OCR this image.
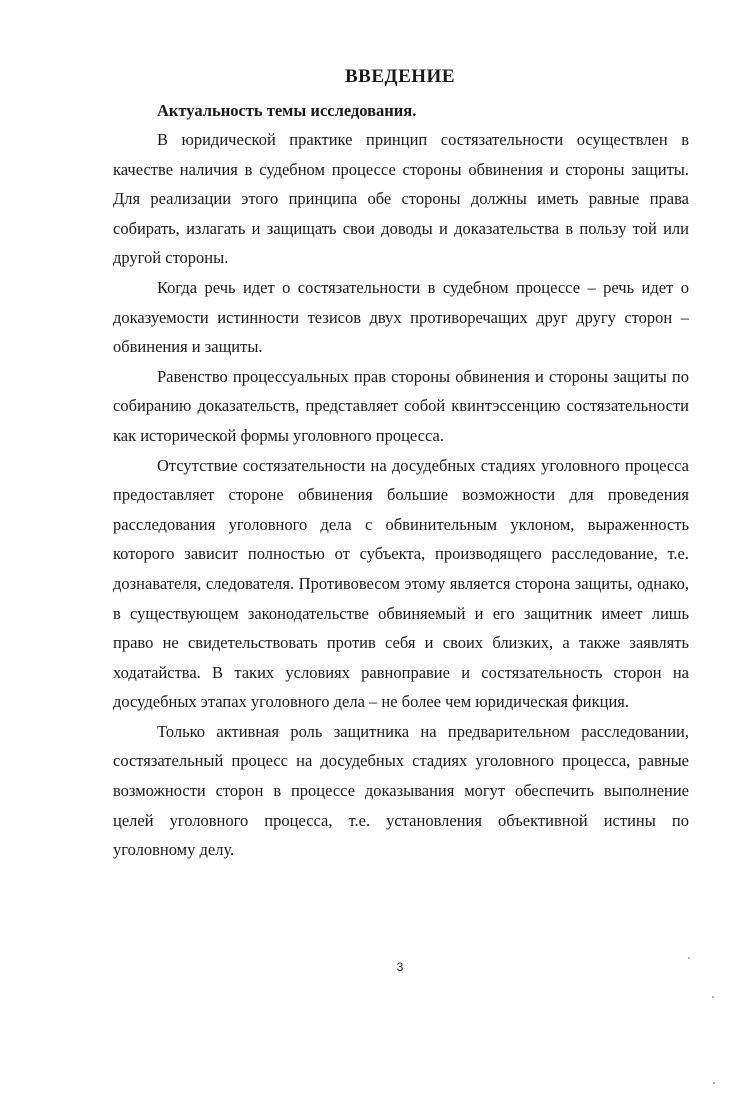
ВВЕДЕНИЕ
Актуальность темы исследования.

В юридической практике принцип состязательности осуществлен в качестве наличия в судебном процессе стороны обвинения и стороны защиты. Для реализации этого принципа обе стороны должны иметь равные права собирать, излагать и защищать свои доводы и доказательства в пользу той или другой стороны.

Когда речь идет о состязательности в судебном процессе – речь идет о доказуемости истинности тезисов двух противоречащих друг другу сторон – обвинения и защиты.

Равенство процессуальных прав стороны обвинения и стороны защиты по собиранию доказательств, представляет собой квинтэссенцию состязательности как исторической формы уголовного процесса.

Отсутствие состязательности на досудебных стадиях уголовного процесса предоставляет стороне обвинения большие возможности для проведения расследования уголовного дела с обвинительным уклоном, выраженность которого зависит полностью от субъекта, производящего расследование, т.е. дознавателя, следователя. Противовесом этому является сторона защиты, однако, в существующем законодательстве обвиняемый и его защитник имеет лишь право не свидетельствовать против себя и своих близких, а также заявлять ходатайства. В таких условиях равноправие и состязательность сторон на досудебных этапах уголовного дела – не более чем юридическая фикция.

Только активная роль защитника на предварительном расследовании, состязательный процесс на досудебных стадиях уголовного процесса, равные возможности сторон в процессе доказывания могут обеспечить выполнение целей уголовного процесса, т.е. установления объективной истины по уголовному делу.

3
